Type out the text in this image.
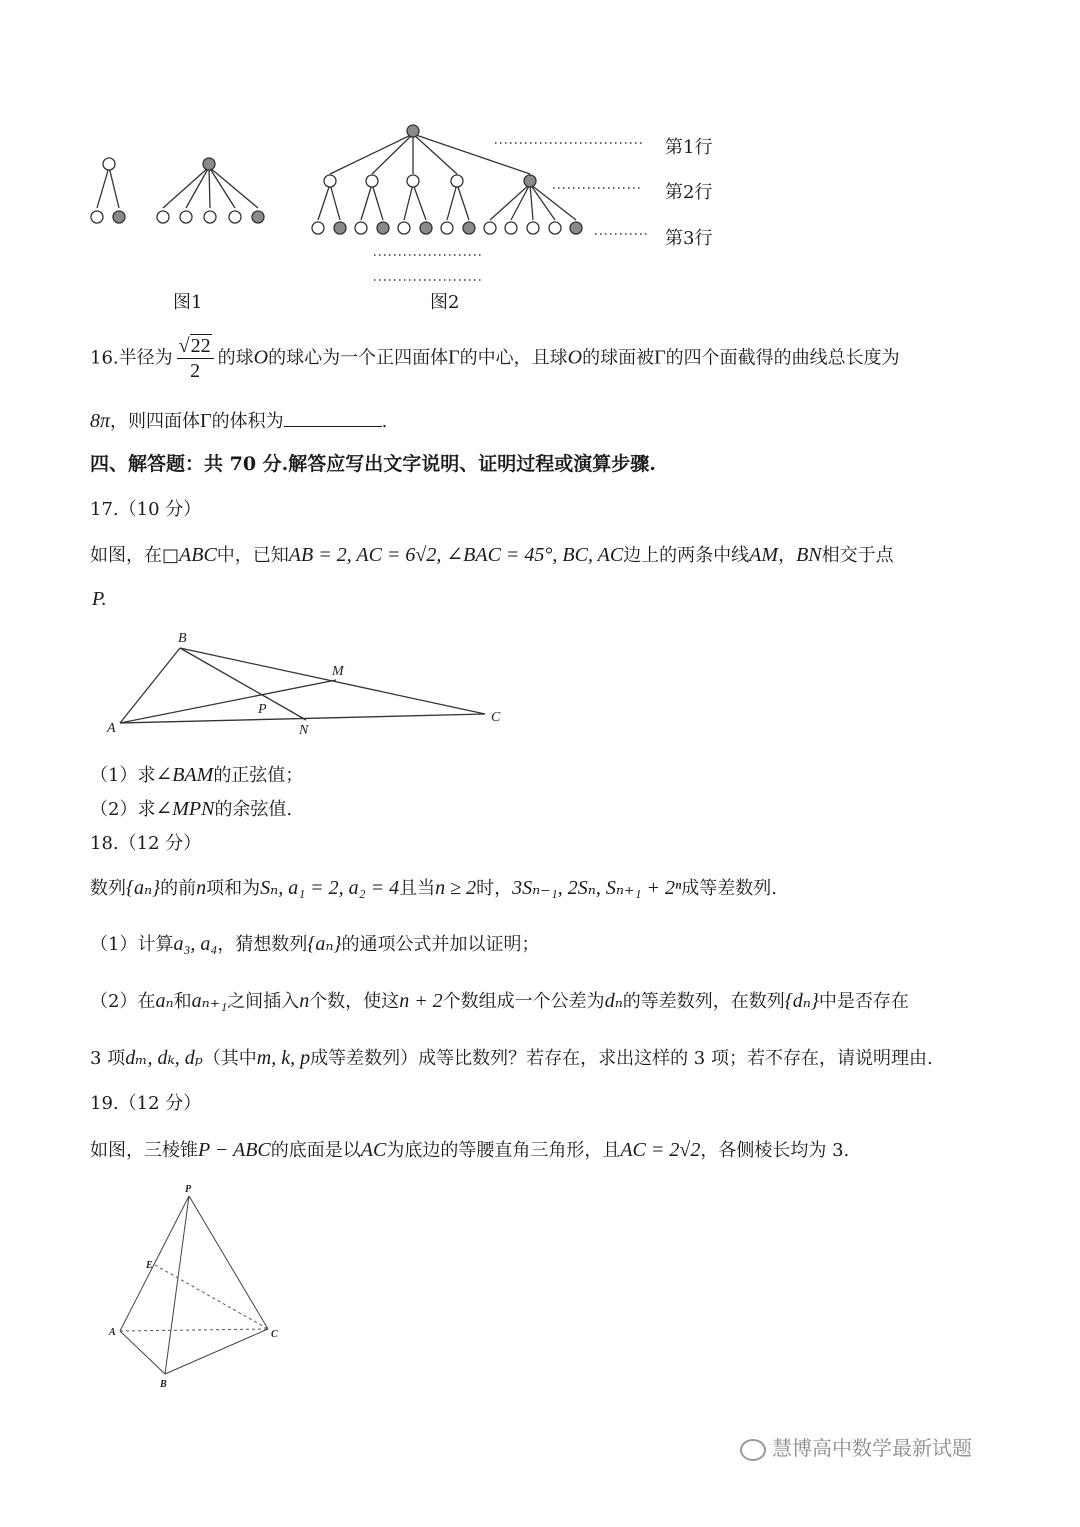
第1行
第2行
第3行
图1	图2
16.半径为 $\frac{√22}{2}$ 的球O的球心为一个正四面体Γ的中心，且球O的球面被Γ的四个面截得的曲线总长度为
8π，则四面体Γ的体积为	.
四、解答题：共 70 分.解答应写出文字说明、证明过程或演算步骤.
17.（10 分）
如图，在□ABC中，已知AB = 2, AC = 6√2, ∠BAC = 45°, BC, AC边上的两条中线AM，BN相交于点
P.
B
M
P
A	N
C
（1）求∠BAM的正弦值；
（2）求∠MPN的余弦值.
18.（12 分）
数列{aₙ}的前n项和为Sₙ, a₁ = 2, a₂ = 4且当n ≥ 2时，3Sₙ₋₁, 2Sₙ, Sₙ₊₁ + 2ⁿ成等差数列.
（1）计算a₃, a₄，猜想数列{aₙ}的通项公式并加以证明；
（2）在aₙ和aₙ₊₁之间插入n个数，使这n + 2个数组成一个公差为dₙ的等差数列，在数列{dₙ}中是否存在
3 项dₘ, dₖ, dₚ（其中m, k, p成等差数列）成等比数列？若存在，求出这样的 3 项；若不存在，请说明理由.
19.（12 分）
如图，三棱锥P − ABC的底面是以AC为底边的等腰直角三角形，且AC = 2√2，各侧棱长均为 3.
P
E
A	C
B
慧博高中数学最新试题
